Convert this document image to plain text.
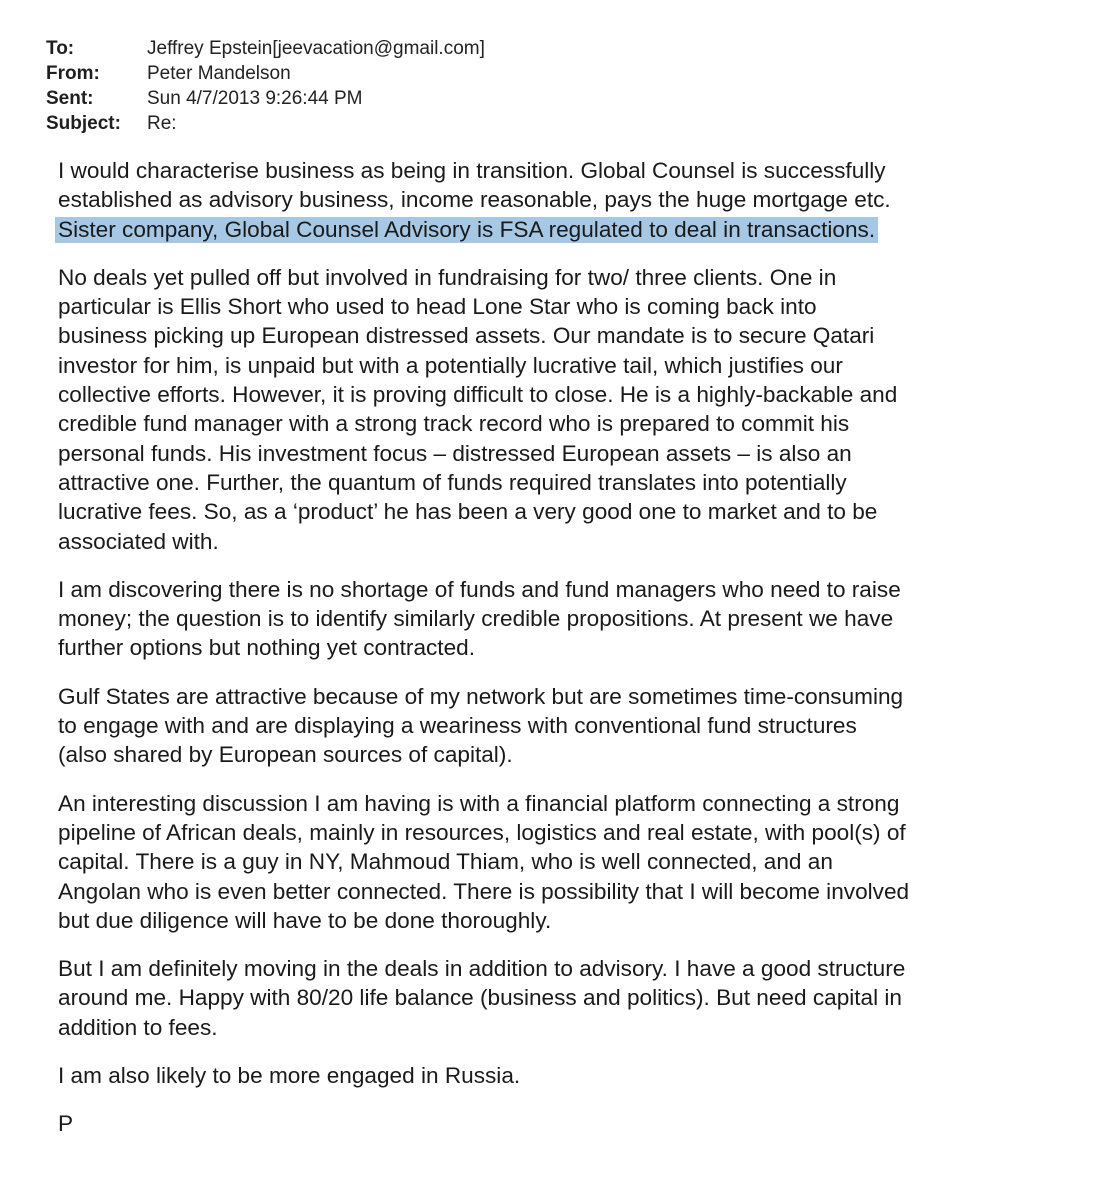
To:	Jeffrey Epstein[jeevacation@gmail.com]
From:	Peter Mandelson
Sent:	Sun 4/7/2013 9:26:44 PM
Subject:	Re:
I would characterise business as being in transition. Global Counsel is successfully
established as advisory business, income reasonable, pays the huge mortgage etc.
Sister company, Global Counsel Advisory is FSA regulated to deal in transactions.
No deals yet pulled off but involved in fundraising for two/ three clients. One in
particular is Ellis Short who used to head Lone Star who is coming back into
business picking up European distressed assets. Our mandate is to secure Qatari
investor for him, is unpaid but with a potentially lucrative tail, which justifies our
collective efforts. However, it is proving difficult to close. He is a highly-backable and
credible fund manager with a strong track record who is prepared to commit his
personal funds. His investment focus – distressed European assets – is also an
attractive one. Further, the quantum of funds required translates into potentially
lucrative fees. So, as a ‘product’ he has been a very good one to market and to be
associated with.
I am discovering there is no shortage of funds and fund managers who need to raise
money; the question is to identify similarly credible propositions. At present we have
further options but nothing yet contracted.
Gulf States are attractive because of my network but are sometimes time-consuming
to engage with and are displaying a weariness with conventional fund structures
(also shared by European sources of capital).
An interesting discussion I am having is with a financial platform connecting a strong
pipeline of African deals, mainly in resources, logistics and real estate, with pool(s) of
capital. There is a guy in NY, Mahmoud Thiam, who is well connected, and an
Angolan who is even better connected. There is possibility that I will become involved
but due diligence will have to be done thoroughly.
But I am definitely moving in the deals in addition to advisory. I have a good structure
around me. Happy with 80/20 life balance (business and politics). But need capital in
addition to fees.
I am also likely to be more engaged in Russia.
P
